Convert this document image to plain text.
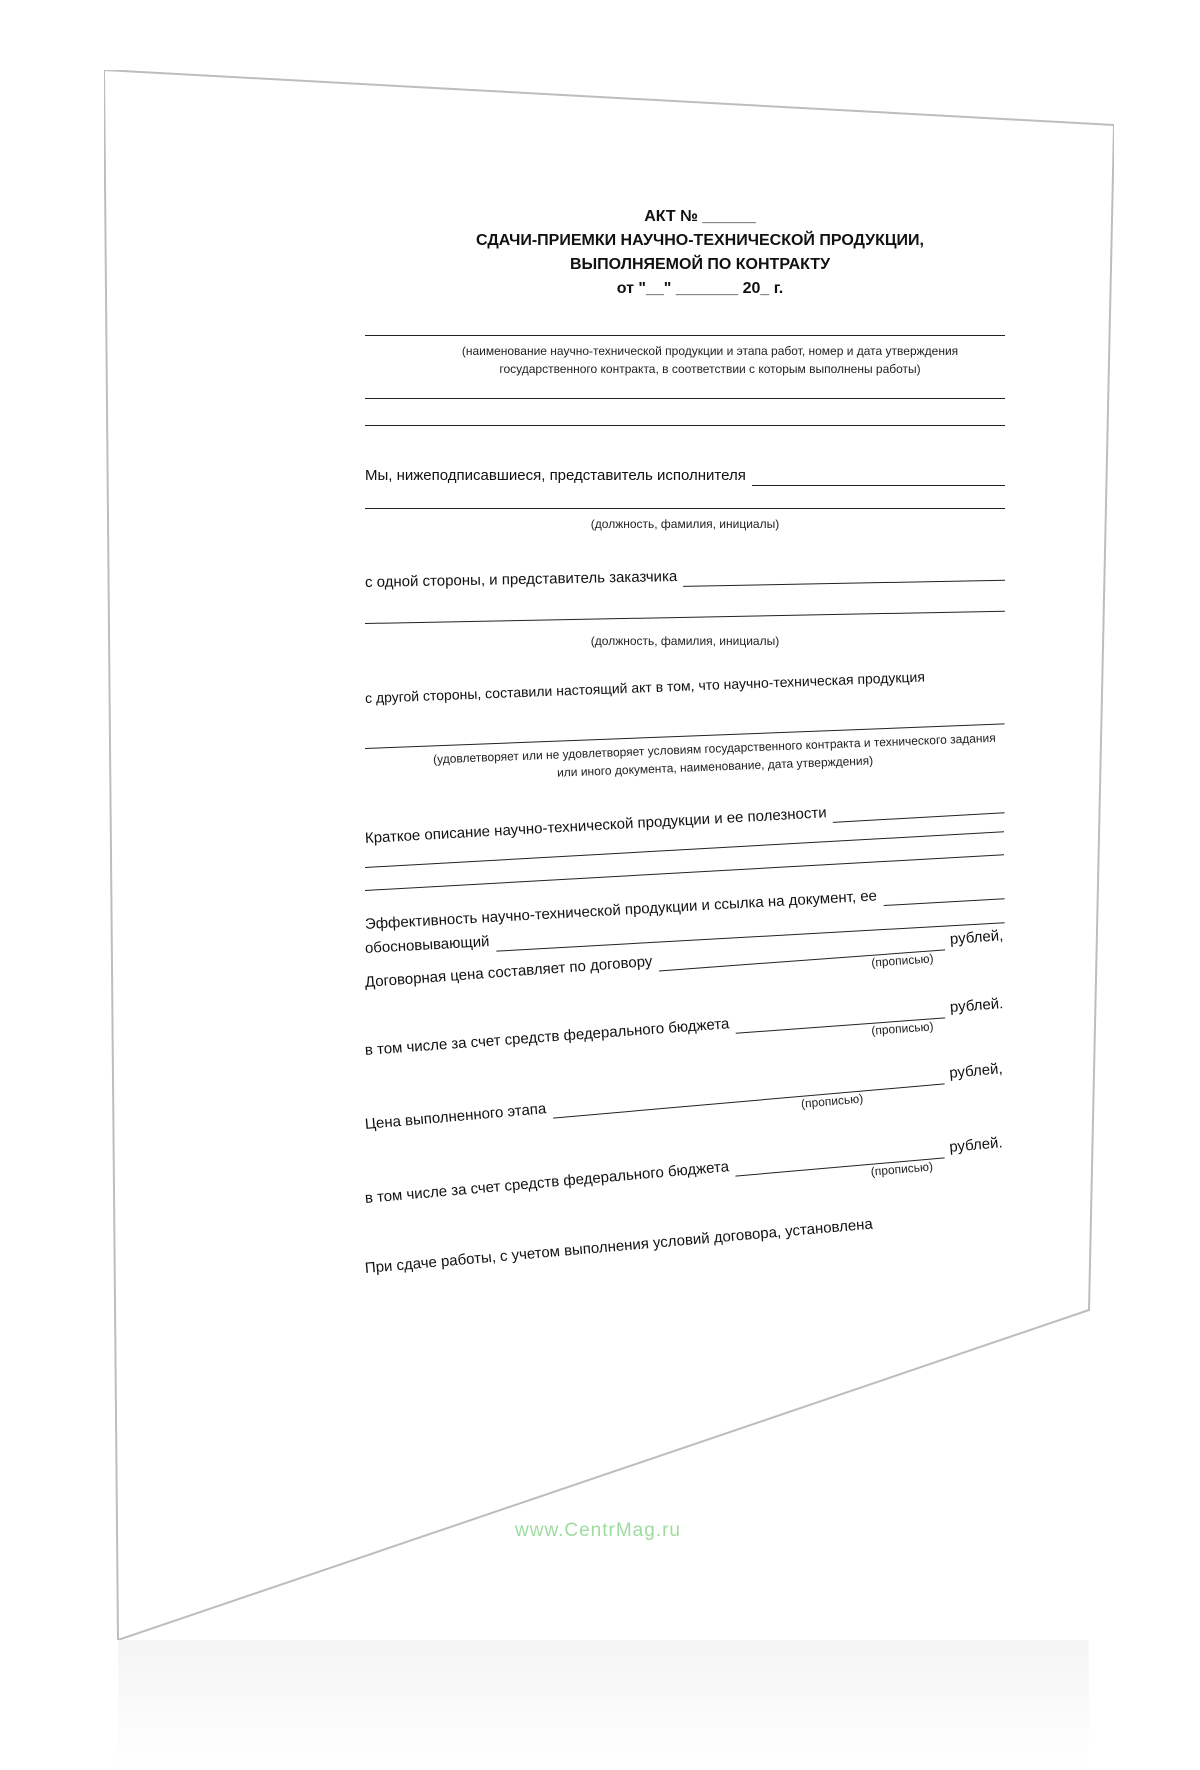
АКТ № ______
СДАЧИ-ПРИЕМКИ НАУЧНО-ТЕХНИЧЕСКОЙ ПРОДУКЦИИ,
ВЫПОЛНЯЕМОЙ ПО КОНТРАКТУ
от "__" _______ 20_ г.
(наименование научно-технической продукции и этапа работ, номер и дата утверждения государственного контракта, в соответствии с которым выполнены работы)
Мы, нижеподписавшиеся, представитель исполнителя
(должность, фамилия, инициалы)
с одной стороны, и представитель заказчика
(должность, фамилия, инициалы)
с другой стороны, составили настоящий акт в том, что научно-техническая продукция
(удовлетворяет или не удовлетворяет условиям государственного контракта и технического задания или иного документа, наименование, дата утверждения)
Краткое описание научно-технической продукции и ее полезности
Эффективность научно-технической продукции и ссылка на документ, ее
обосновывающий
Договорная цена составляет по договору
рублей,
(прописью)
в том числе за счет средств федерального бюджета
рублей.
(прописью)
Цена выполненного этапа
рублей,
(прописью)
в том числе за счет средств федерального бюджета
рублей.
(прописью)
При сдаче работы, с учетом выполнения условий договора, установлена
www.CentrMag.ru
